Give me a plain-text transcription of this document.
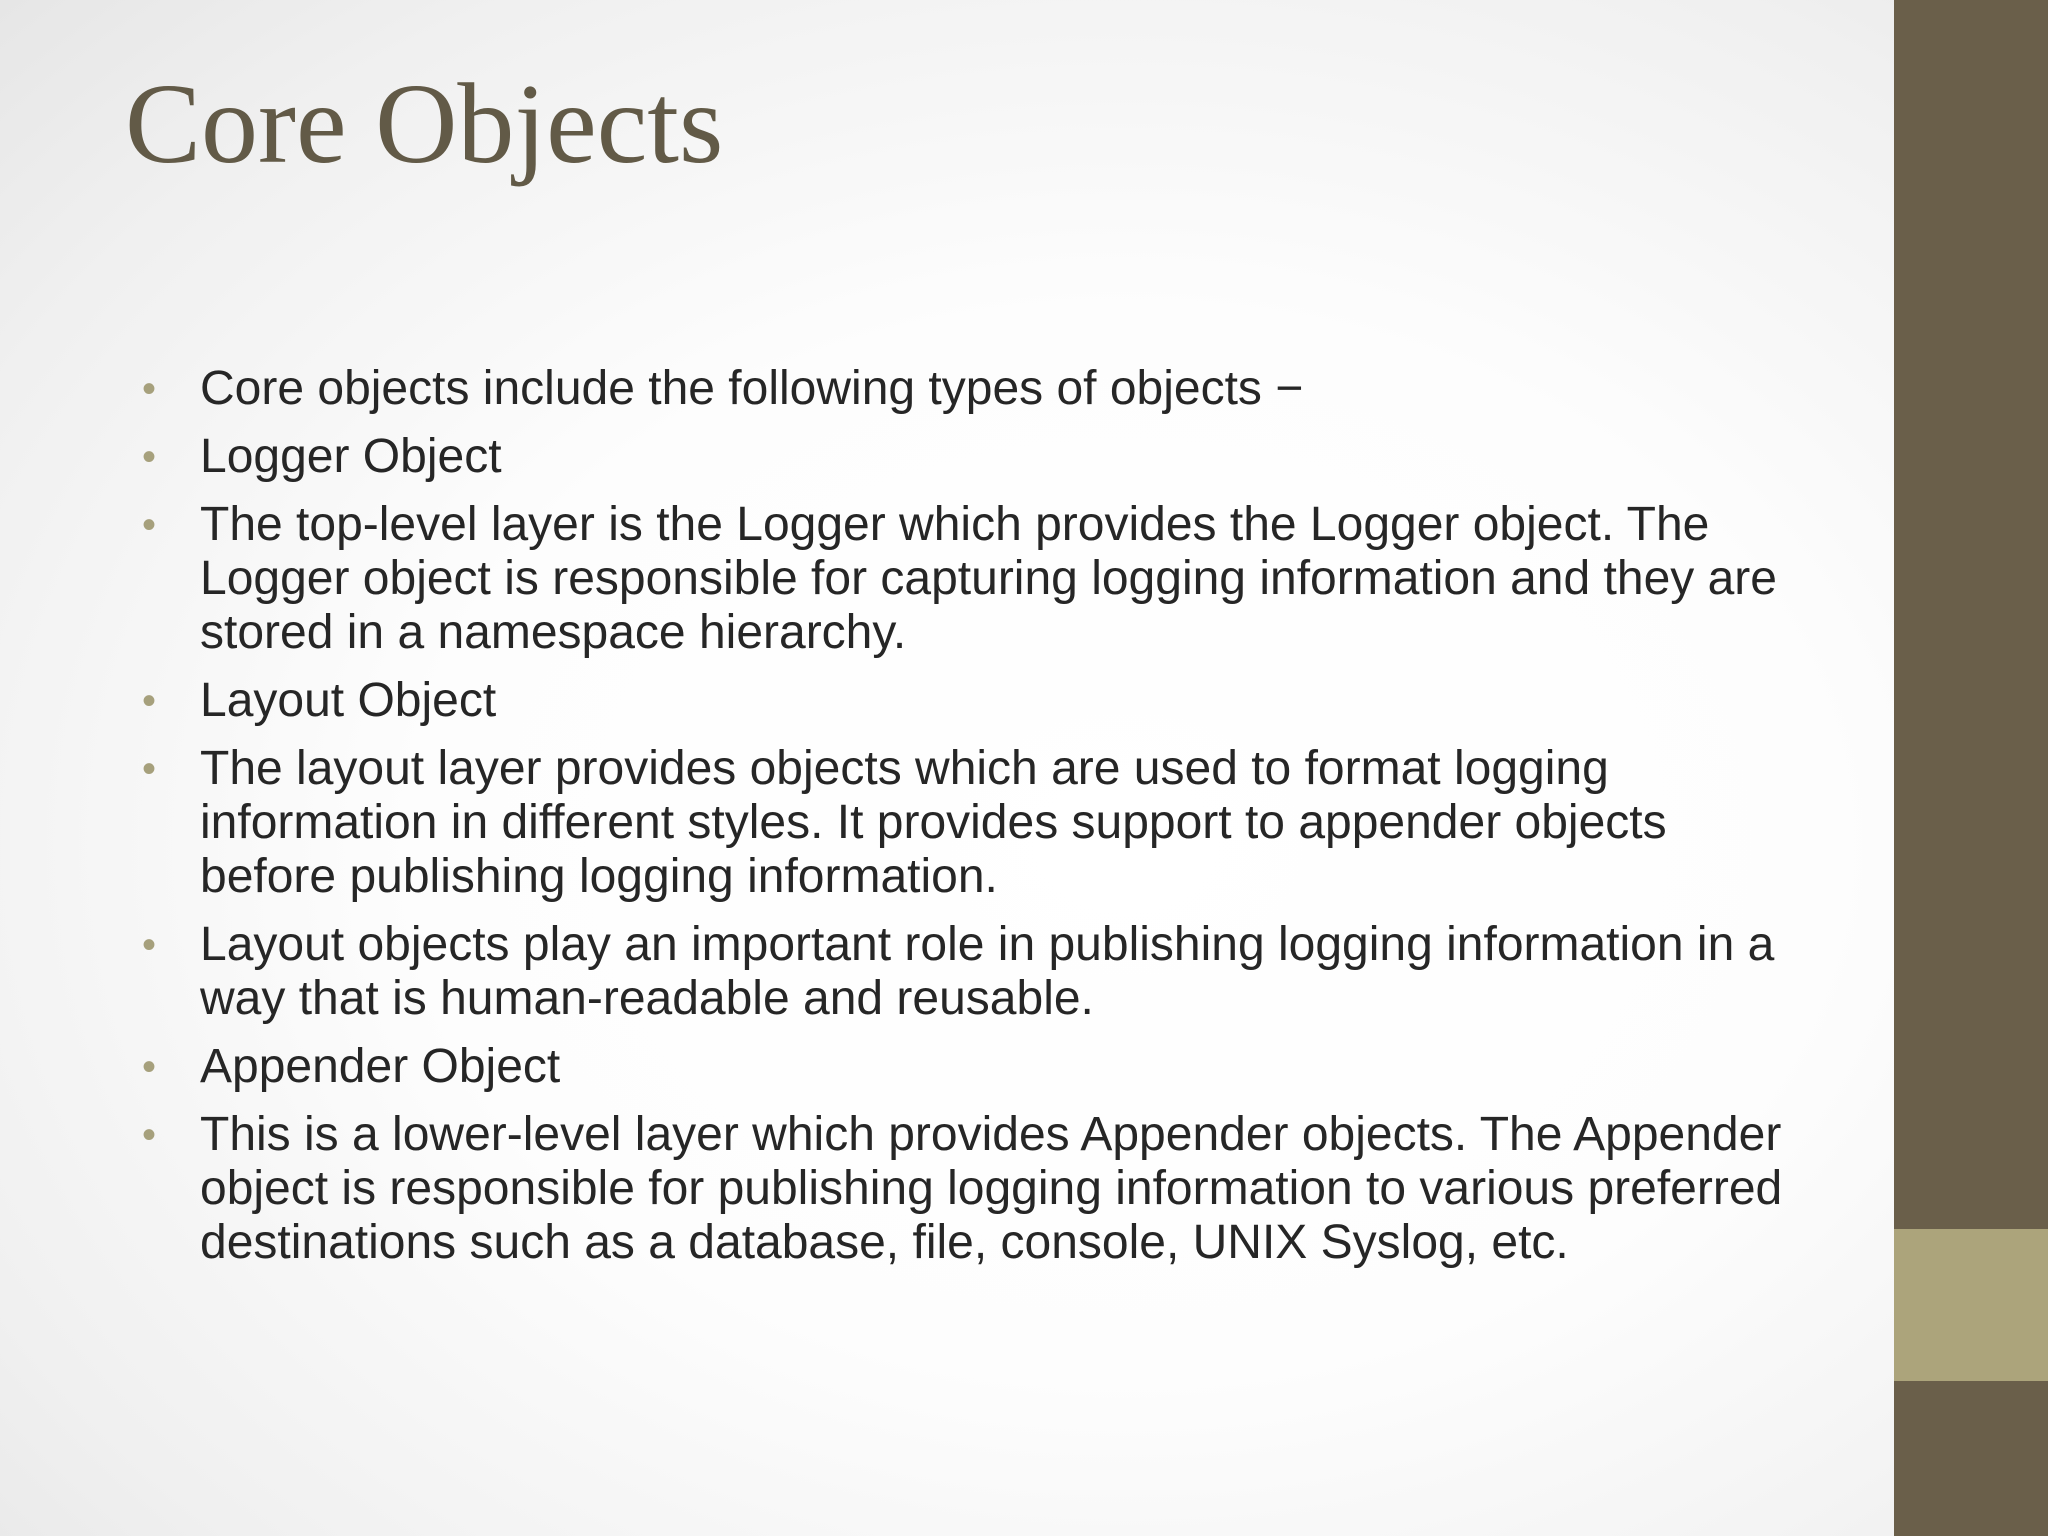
Core Objects
• Core objects include the following types of objects −
• Logger Object
• The top-level layer is the Logger which provides the Logger object. The Logger object is responsible for capturing logging information and they are stored in a namespace hierarchy.
• Layout Object
• The layout layer provides objects which are used to format logging information in different styles. It provides support to appender objects before publishing logging information.
• Layout objects play an important role in publishing logging information in a way that is human-readable and reusable.
• Appender Object
• This is a lower-level layer which provides Appender objects. The Appender object is responsible for publishing logging information to various preferred destinations such as a database, file, console, UNIX Syslog, etc.
